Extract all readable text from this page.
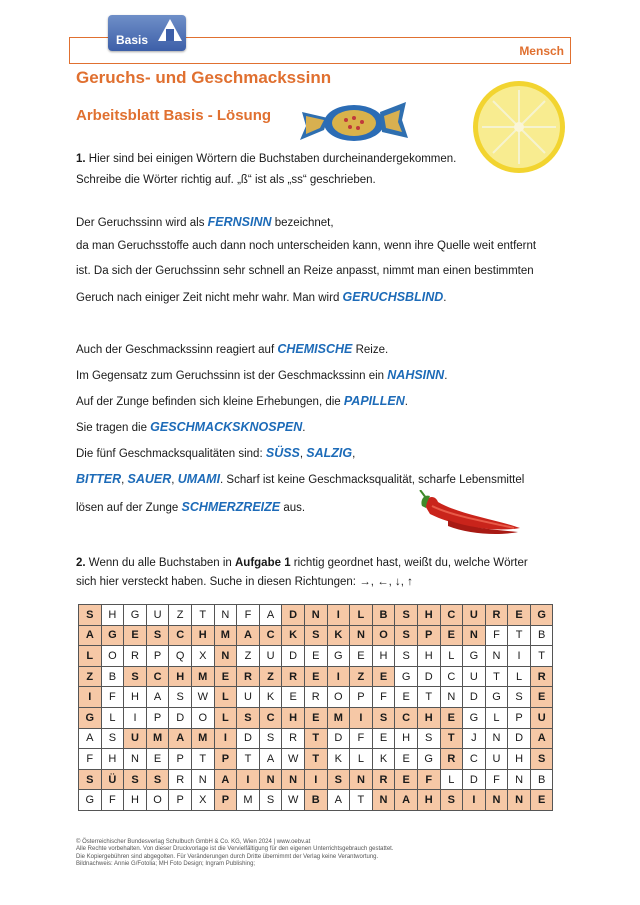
Basis
Mensch
Geruchs- und Geschmackssinn
Arbeitsblatt Basis - Lösung
1. Hier sind bei einigen Wörtern die Buchstaben durcheinandergekommen.
Schreibe die Wörter richtig auf. „ß“ ist als „ss“ geschrieben.
Der Geruchssinn wird als FERNSINN bezeichnet,
da man Geruchsstoffe auch dann noch unterscheiden kann, wenn ihre Quelle weit entfernt
ist. Da sich der Geruchssinn sehr schnell an Reize anpasst, nimmt man einen bestimmten
Geruch nach einiger Zeit nicht mehr wahr. Man wird GERUCHSBLIND.
Auch der Geschmackssinn reagiert auf CHEMISCHE Reize.
Im Gegensatz zum Geruchssinn ist der Geschmackssinn ein NAHSINN.
Auf der Zunge befinden sich kleine Erhebungen, die PAPILLEN.
Sie tragen die GESCHMACKSKNOSPEN.
Die fünf Geschmacksqualitäten sind: SÜSS, SALZIG,
BITTER, SAUER, UMAMI. Scharf ist keine Geschmacksqualität, scharfe Lebensmittel
lösen auf der Zunge SCHMERZREIZE aus.
2. Wenn du alle Buchstaben in Aufgabe 1 richtig geordnet hast, weißt du, welche Wörter
sich hier versteckt haben. Suche in diesen Richtungen: →, ←, ↓, ↑
S	H	G	U	Z	T	N	F	A	D	N	I	L	B	S	H	C	U	R	E	G
A	G	E	S	C	H	M	A	C	K	S	K	N	O	S	P	E	N	F	T	B
L	O	R	P	Q	X	N	Z	U	D	E	G	E	H	S	H	L	G	N	I	T
Z	B	S	C	H	M	E	R	Z	R	E	I	Z	E	G	D	C	U	T	L	R
I	F	H	A	S	W	L	U	K	E	R	O	P	F	E	T	N	D	G	S	E
G	L	I	P	D	O	L	S	C	H	E	M	I	S	C	H	E	G	L	P	U
A	S	U	M	A	M	I	D	S	R	T	D	F	E	H	S	T	J	N	D	A
F	H	N	E	P	T	P	T	A	W	T	K	L	K	E	G	R	C	U	H	S
S	Ü	S	S	R	N	A	I	N	N	I	S	N	R	E	F	L	D	F	N	B
G	F	H	O	P	X	P	M	S	W	B	A	T	N	A	H	S	I	N	N	E
© Österreichischer Bundesverlag Schulbuch GmbH & Co. KG, Wien 2024 | www.oebv.at
Alle Rechte vorbehalten. Von dieser Druckvorlage ist die Vervielfältigung für den eigenen Unterrichtsgebrauch gestattet.
Die Kopiergebühren sind abgegolten. Für Veränderungen durch Dritte übernimmt der Verlag keine Verantwortung.
Bildnachweis: Annie G/Fotolia; MH Foto Design; Ingram Publishing;
